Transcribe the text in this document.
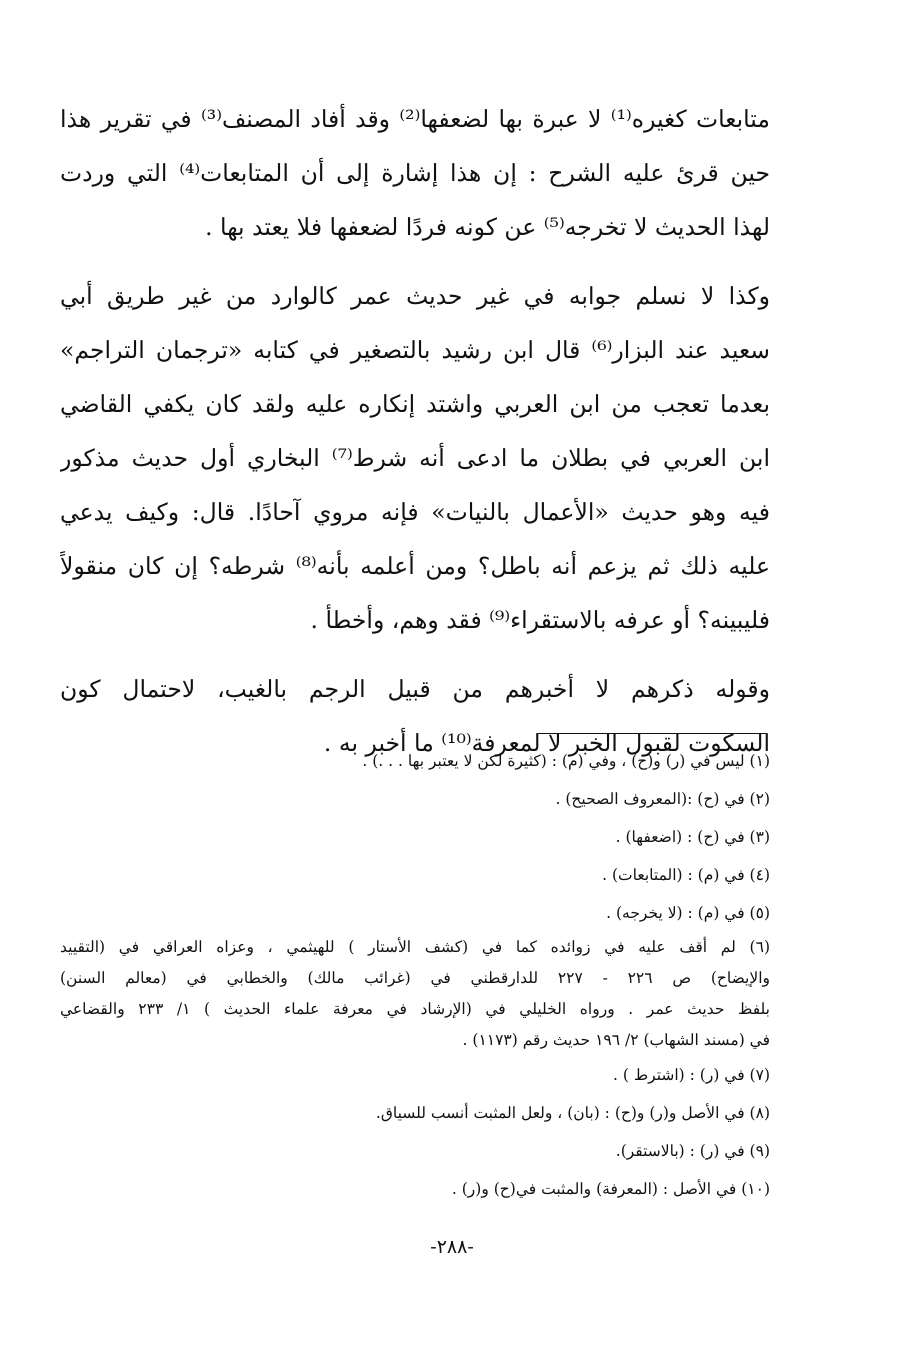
متابعات كغيره⁽¹⁾ لا عبرة بها لضعفها⁽²⁾ وقد أفاد المصنف⁽³⁾ في تقرير هذا
حين قرئ عليه الشرح : إن هذا إشارة إلى أن المتابعات⁽⁴⁾ التي وردت
لهذا الحديث لا تخرجه⁽⁵⁾ عن كونه فردًا لضعفها فلا يعتد بها .
وكذا لا نسلم جوابه في غير حديث عمر كالوارد من غير طريق أبي
سعيد عند البزار⁽⁶⁾ قال ابن رشيد بالتصغير في كتابه «ترجمان التراجم»
بعدما تعجب من ابن العربي واشتد إنكاره عليه ولقد كان يكفي القاضي
ابن العربي في بطلان ما ادعى أنه شرط⁽⁷⁾ البخاري أول حديث مذكور
فيه وهو حديث «الأعمال بالنيات» فإنه مروي آحادًا. قال: وكيف يدعي
عليه ذلك ثم يزعم أنه باطل؟ ومن أعلمه بأنه⁽⁸⁾ شرطه؟ إن كان منقولاً
فليبينه؟ أو عرفه بالاستقراء⁽⁹⁾ فقد وهم، وأخطأ .
وقوله ذكرهم لا أخبرهم من قبيل الرجم بالغيب، لاحتمال كون
السكوت لقبول الخبر لا لمعرفة⁽¹⁰⁾ ما أخبر به .
(١) ليس في (ر) و(ح) ، وفي (م) : (كثيرة لكن لا يعتبر بها . . .) .
(٢) في (ح) :(المعروف الصحيح) .
(٣) في (ح) : (اضعفها) .
(٤) في (م) : (المتابعات) .
(٥) في (م) : (لا يخرجه) .
(٦) لم أقف عليه في زوائده كما في (كشف الأستار ) للهيثمي ، وعزاه العراقي في (التقييد
والإيضاح) ص ٢٢٦ - ٢٢٧ للدارقطني في (غرائب مالك) والخطابي في (معالم السنن)
بلفظ حديث عمر . ورواه الخليلي في (الإرشاد في معرفة علماء الحديث ) ١/ ٢٣٣ والقضاعي
في (مسند الشهاب) ٢/ ١٩٦ حديث رقم (١١٧٣) .
(٧) في (ر) : (اشترط ) .
(٨) في الأصل و(ر) و(ح) : (بان) ، ولعل المثبت أنسب للسياق.
(٩) في (ر) : (بالاستقر).
(١٠) في الأصل : (المعرفة) والمثبت في(ح) و(ر) .
-٢٨٨-
